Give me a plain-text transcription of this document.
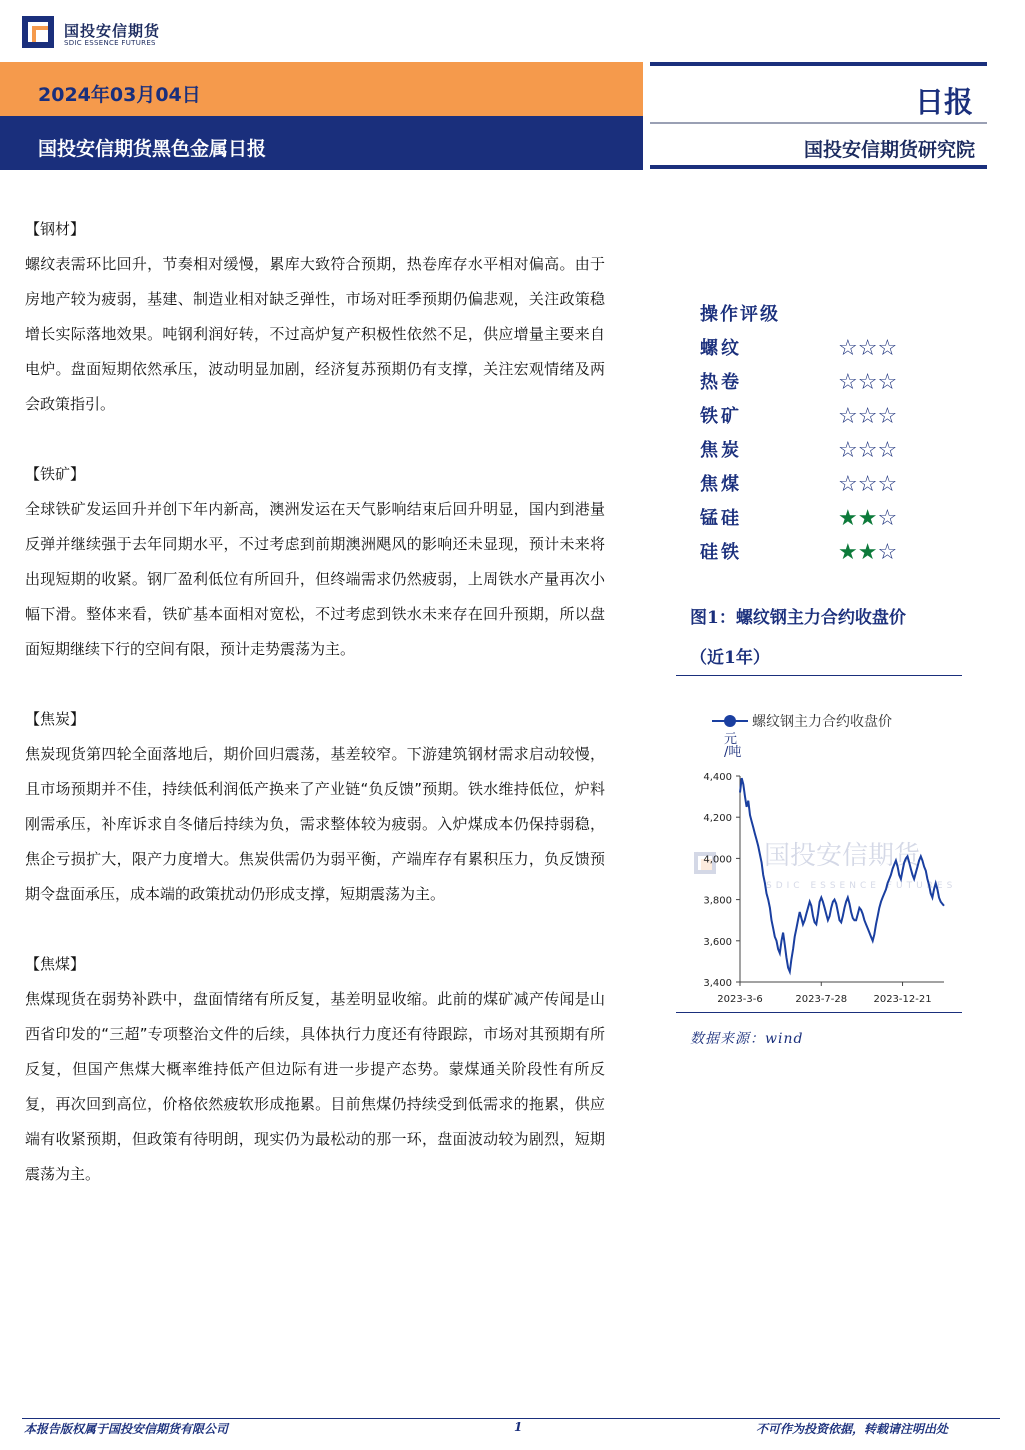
国投安信期货
SDIC ESSENCE FUTURES
2024年03月04日
国投安信期货黑色金属日报
日报
国投安信期货研究院
【钢材】
螺纹表需环比回升，节奏相对缓慢，累库大致符合预期，热卷库存水平相对偏高。由于房地产较为疲弱，基建、制造业相对缺乏弹性，市场对旺季预期仍偏悲观，关注政策稳增长实际落地效果。吨钢利润好转，不过高炉复产积极性依然不足，供应增量主要来自电炉。盘面短期依然承压，波动明显加剧，经济复苏预期仍有支撑，关注宏观情绪及两会政策指引。
【铁矿】
全球铁矿发运回升并创下年内新高，澳洲发运在天气影响结束后回升明显，国内到港量反弹并继续强于去年同期水平，不过考虑到前期澳洲飓风的影响还未显现，预计未来将出现短期的收紧。钢厂盈利低位有所回升，但终端需求仍然疲弱，上周铁水产量再次小幅下滑。整体来看，铁矿基本面相对宽松，不过考虑到铁水未来存在回升预期，所以盘面短期继续下行的空间有限，预计走势震荡为主。
【焦炭】
焦炭现货第四轮全面落地后，期价回归震荡，基差较窄。下游建筑钢材需求启动较慢，且市场预期并不佳，持续低利润低产换来了产业链“负反馈”预期。铁水维持低位，炉料刚需承压，补库诉求自冬储后持续为负，需求整体较为疲弱。入炉煤成本仍保持弱稳，焦企亏损扩大，限产力度增大。焦炭供需仍为弱平衡，产端库存有累积压力，负反馈预期令盘面承压，成本端的政策扰动仍形成支撑，短期震荡为主。
【焦煤】
焦煤现货在弱势补跌中，盘面情绪有所反复，基差明显收缩。此前的煤矿减产传闻是山西省印发的“三超”专项整治文件的后续，具体执行力度还有待跟踪，市场对其预期有所反复，但国产焦煤大概率维持低产但边际有进一步提产态势。蒙煤通关阶段性有所反复，再次回到高位，价格依然疲软形成拖累。目前焦煤仍持续受到低需求的拖累，供应端有收紧预期，但政策有待明朗，现实仍为最松动的那一环，盘面波动较为剧烈，短期震荡为主。
操作评级
螺纹	☆☆☆
热卷	☆☆☆
铁矿	☆☆☆
焦炭	☆☆☆
焦煤	☆☆☆
锰硅	★★☆
硅铁	★★☆
图1：螺纹钢主力合约收盘价
（近1年）
国投安信期货
SDIC ESSENCE FUTURES
螺纹钢主力合约收盘价
元
/吨
4,400
4,200
4,000
3,800
3,600
3,400
2023-3-6	2023-7-28	2023-12-21
数据来源：wind
本报告版权属于国投安信期货有限公司	1	不可作为投资依据，转载请注明出处
